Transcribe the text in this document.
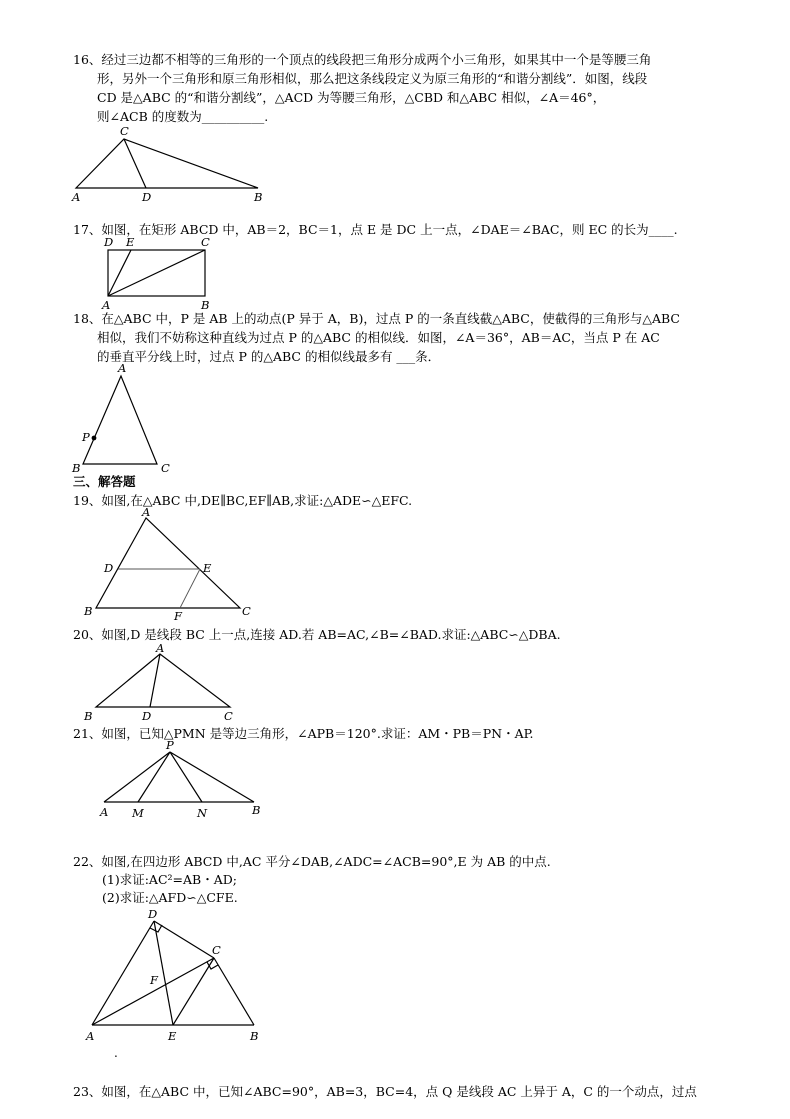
16、经过三边都不相等的三角形的一个顶点的线段把三角形分成两个小三角形，如果其中一个是等腰三角
形，另外一个三角形和原三角形相似，那么把这条线段定义为原三角形的“和谐分割线”．如图，线段
CD 是△ABC 的“和谐分割线”，△ACD 为等腰三角形，△CBD 和△ABC 相似，∠A＝46°，
则∠ACB 的度数为__________.
C
A	D	B
17、如图，在矩形 ABCD 中，AB＝2，BC＝1，点 E 是 DC 上一点，∠DAE＝∠BAC，则 EC 的长为____.
D E	C
A	B
18、在△ABC 中，P 是 AB 上的动点(P 异于 A，B)，过点 P 的一条直线截△ABC，使截得的三角形与△ABC
相似，我们不妨称这种直线为过点 P 的△ABC 的相似线．如图，∠A＝36°，AB＝AC，当点 P 在 AC
的垂直平分线上时，过点 P 的△ABC 的相似线最多有 ___条．
A
P
B	C
三、解答题
19、如图,在△ABC 中,DE∥BC,EF∥AB,求证:△ADE∽△EFC.
A
D	E
B	F	C
20、如图,D 是线段 BC 上一点,连接 AD.若 AB=AC,∠B=∠BAD.求证:△ABC∽△DBA.
A
B	D	C
21、如图，已知△PMN 是等边三角形，∠APB＝120°.求证：AM・PB＝PN・AP.
P
A M	N	B
22、如图,在四边形 ABCD 中,AC 平分∠DAB,∠ADC=∠ACB=90°,E 为 AB 的中点.
(1)求证:AC²=AB・AD;
(2)求证:△AFD∽△CFE.
D
C
F
A	E	B
.
23、如图，在△ABC 中，已知∠ABC=90°，AB=3，BC=4，点 Q 是线段 AC 上异于 A，C 的一个动点，过点
